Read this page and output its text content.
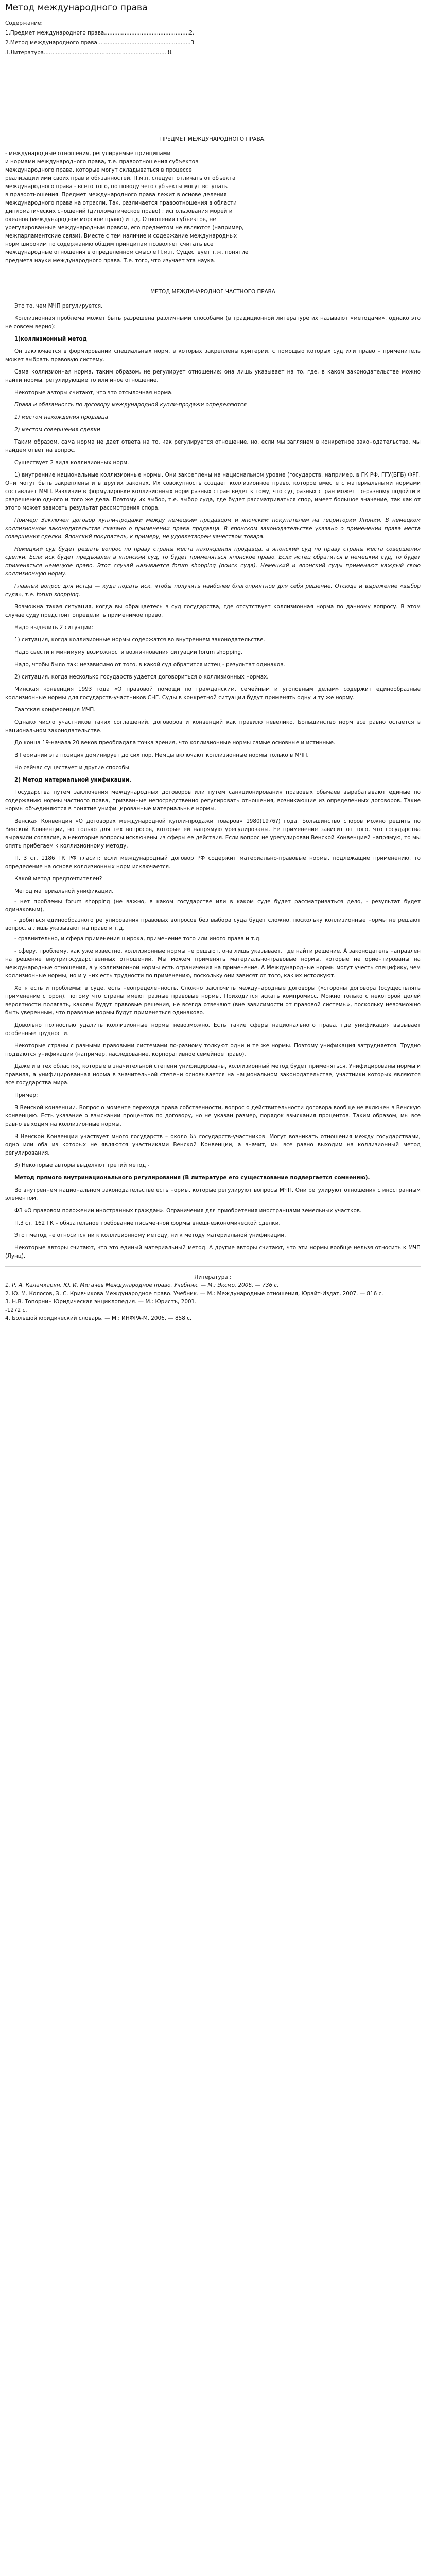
Метод международного права

Содержание:

1.Предмет международного права..................................................2.

2.Метод международного права.......................................................3

3.Литература.........................................................................8.

ПРЕДМЕТ МЕЖДУНАРОДНОГО ПРАВА.

- международные отношения, регулируемые принципами

и нормами международного права, т.е. правоотношения субъектов

международного права, которые могут складываться в процессе

реализации ими своих прав и обязанностей. П.м.п. следует отличать от объекта

международного права - всего того, по поводу чего субъекты могут вступать

в правоотношения. Предмет международного права лежит в основе деления

международного права на отрасли. Так, различается правоотношения в области

дипломатических сношений (дипломатическое право) ; использования морей и

океанов (международное морское право) и т.д. Отношения субъектов, не

урегулированные международным правом, его предметом не являются (например,

межпарламентские связи). Вместе с тем наличие и содержание международных

норм широким по содержанию общим принципам позволяет считать все

международные отношения в определенном смысле П.м.п. Существует т.ж. понятие

предмета науки международного права. Т.е. того, что изучает эта наука.

МЕТОД МЕЖДУНАРОДНОГ ЧАСТНОГО ПРАВА

Это то, чем МЧП регулируется.

Коллизионная проблема может быть разрешена различными способами (в традиционной литературе их называют «методами», однако это не совсем верно):

1)коллизионный метод

Он заключается в формировании специальных норм, в которых закреплены критерии, с помощью которых суд или право – применитель может выбрать правовую систему.

Сама коллизионная норма, таким образом, не регулирует отношение; она лишь указывает на то, где, в каком законодательстве можно найти нормы, регулирующие то или иное отношение.

Некоторые авторы считают, что это отсылочная норма.

Права и обязанность по договору международной купли-продажи определяются

1) местом нахождения продавца

2) местом совершения сделки

Таким образом, сама норма не дает ответа на то, как регулируется отношение, но, если мы заглянем в конкретное законодательство, мы найдем ответ на вопрос.

Существует 2 вида коллизионных норм.

1) внутренние национальные коллизионные нормы. Они закреплены на национальном уровне (государств, например, в ГК РФ, ГГУ(БГБ) ФРГ. Они могут быть закреплены и в других законах. Их совокупность создает коллизионное право, которое вместе с материальными нормами составляет МЧП. Различие в формулировке коллизионных норм разных стран ведет к тому, что суд разных стран может по-разному подойти к разрешению одного и того же дела. Поэтому их выбор, т.е. выбор суда, где будет рассматриваться спор, имеет большое значение, так как от этого может зависеть результат рассмотрения спора.

Пример: Заключен договор купли-продажи между немецким продавцом и японским покупателем на территории Японии. В немецком коллизионном законодательстве сказано о применении права продавца. В японском законодательстве указано о применении права места совершения сделки. Японский покупатель, к примеру, не удовлетворен качеством товара.

Немецкий суд будет решать вопрос по праву страны места нахождения продавца, а японский суд по праву страны места совершения сделки. Если иск будет предъявлен в японский суд, то будет применяться японское право. Если истец обратится в немецкий суд, то будет применяться немецкое право. Этот случай называется forum shopping (поиск суда). Немецкий и японский суды применяют каждый свою коллизионную норму.

Главный вопрос для истца — куда подать иск, чтобы получить наиболее благоприятное для себя решение. Отсюда и выражение «выбор суда», т.е. forum shopping.

Возможна такая ситуация, когда вы обращаетесь в суд государства, где отсутствует коллизионная норма по данному вопросу. В этом случае суду предстоит определить применимое право.

Надо выделить 2 ситуации:

1) ситуация, когда коллизионные нормы содержатся во внутреннем законодательстве.

Надо свести к минимуму возможности возникновения ситуации forum shopping.

Надо, чтобы было так: независимо от того, в какой суд обратится истец - результат одинаков.

2) ситуация, когда несколько государств удается договориться о коллизионных нормах.

Минская конвенция 1993 года «О правовой помощи по гражданским, семейным и уголовным делам» содержит единообразные коллизионные нормы для государств-участников СНГ. Суды в конкретной ситуации будут применять одну и ту же норму.

Гаагская конференция МЧП.

Однако число участников таких соглашений, договоров и конвенций как правило невелико. Большинство норм все равно остается в национальном законодательстве.

До конца 19-начала 20 веков преобладала точка зрения, что коллизионные нормы самые основные и истинные.

В Германии эта позиция доминирует до сих пор. Немцы включают коллизионные нормы только в МЧП.

Но сейчас существует и другие способы

2) Метод материальной унификации.

Государства путем заключения международных договоров или путем санкционирования правовых обычаев вырабатывают единые по содержанию нормы частного права, призванные непосредственно регулировать отношения, возникающие из определенных договоров. Такие нормы объединяются в понятие унифицированные материальные нормы.

Венская Конвенция «О договорах международной купли-продажи товаров» 1980(1976?) года. Большинство споров можно решить по Венской Конвенции, но только для тех вопросов, которые ей напрямую урегулированы. Ее применение зависит от того, что государства выразили согласие, а некоторые вопросы исключены из сферы ее действия. Если вопрос не урегулирован Венской Конвенцией напрямую, то мы опять прибегаем к коллизионному методу.

П. 3 ст. 1186 ГК РФ гласит: если международный договор РФ содержит материально-правовые нормы, подлежащие применению, то определение на основе коллизионных норм исключается.

Какой метод предпочтителен?

Метод материальной унификации.

- нет проблемы forum shopping (не важно, в каком государстве или в каком суде будет рассматриваться дело, - результат будет одинаковым),

- добиться единообразного регулирования правовых вопросов без выбора суда будет сложно, поскольку коллизионные нормы не решают вопрос, а лишь указывают на право и т.д.

- сравнительно, и сфера применения широка, применение того или иного права и т.д.

- сферу, проблему, как уже известно, коллизионные нормы не решают, она лишь указывает, где найти решение. А законодатель направлен на решение внутригосударственных отношений. Мы можем применять материально-правовые нормы, которые не ориентированы на международные отношения, а у коллизионной нормы есть ограничения на применение. А Международные нормы могут учесть специфику, чем коллизионные нормы, но и у них есть трудности по применению, поскольку они зависят от того, как их истолкуют.

Хотя есть и проблемы: в суде, есть неопределенность. Сложно заключить международные договоры («стороны договора (осуществлять применение сторон), потому что страны имеют разные правовые нормы. Приходится искать компромисс. Можно только с некоторой долей вероятности полагать, каковы будут правовые решения, не всегда отвечают (вне зависимости от правовой системы», поскольку невозможно быть уверенным, что правовые нормы будут применяться одинаково.

Довольно полностью удалить коллизионные нормы невозможно. Есть такие сферы национального права, где унификация вызывает особенные трудности.

Некоторые страны с разными правовыми системами по-разному толкуют одни и те же нормы. Поэтому унификация затрудняется. Трудно поддаются унификации (например, наследование, корпоративное семейное право).

Даже и в тех областях, которые в значительной степени унифицированы, коллизионный метод будет применяться. Унифицированы нормы и правила, а унифицированная норма в значительной степени основывается на национальном законодательстве, участники которых являются все государства мира.

Пример:

В Венской конвенции. Вопрос о моменте перехода права собственности, вопрос о действительности договора вообще не включен в Венскую конвенцию. Есть указание о взыскании процентов по договору, но не указан размер, порядок взыскания процентов. Таким образом, мы все равно выходим на коллизионные нормы.

В Венской Конвенции участвует много государств – около 65 государств-участников. Могут возникать отношения между государствами, одно или оба из которых не являются участниками Венской Конвенции, а значит, мы все равно выходим на коллизионный метод регулирования.

3) Некоторые авторы выделяют третий метод -

Метод прямого внутринационального регулирования (В литературе его существование подвергается сомнению).

Во внутреннем национальном законодательстве есть нормы, которые регулируют вопросы МЧП. Они регулируют отношения с иностранным элементом.

ФЗ «О правовом положении иностранных граждан». Ограничения для приобретения иностранцами земельных участков.

П.3 ст. 162 ГК – обязательное требование письменной формы внешнеэкономической сделки.

Этот метод не относится ни к коллизионному методу, ни к методу материальной унификации.

Некоторые авторы считают, что это единый материальный метод. А другие авторы считают, что эти нормы вообще нельзя относить к МЧП (Лунц).

Литература :

1. Р. А. Каламкарян, Ю. И. Мигачев Международное право. Учебник. — М.: Эксмо, 2006. — 736 с.

2. Ю. М. Колосов, Э. С. Кривчикова Международное право. Учебник. — М.: Международные отношения, Юрайт-Издат, 2007. — 816 с.

3. Н.В. Топорнин Юридическая энциклопедия. — М.: Юристъ, 2001.

-1272 с.

4. Большой юридический словарь. — М.: ИНФРА-М, 2006. — 858 с.
